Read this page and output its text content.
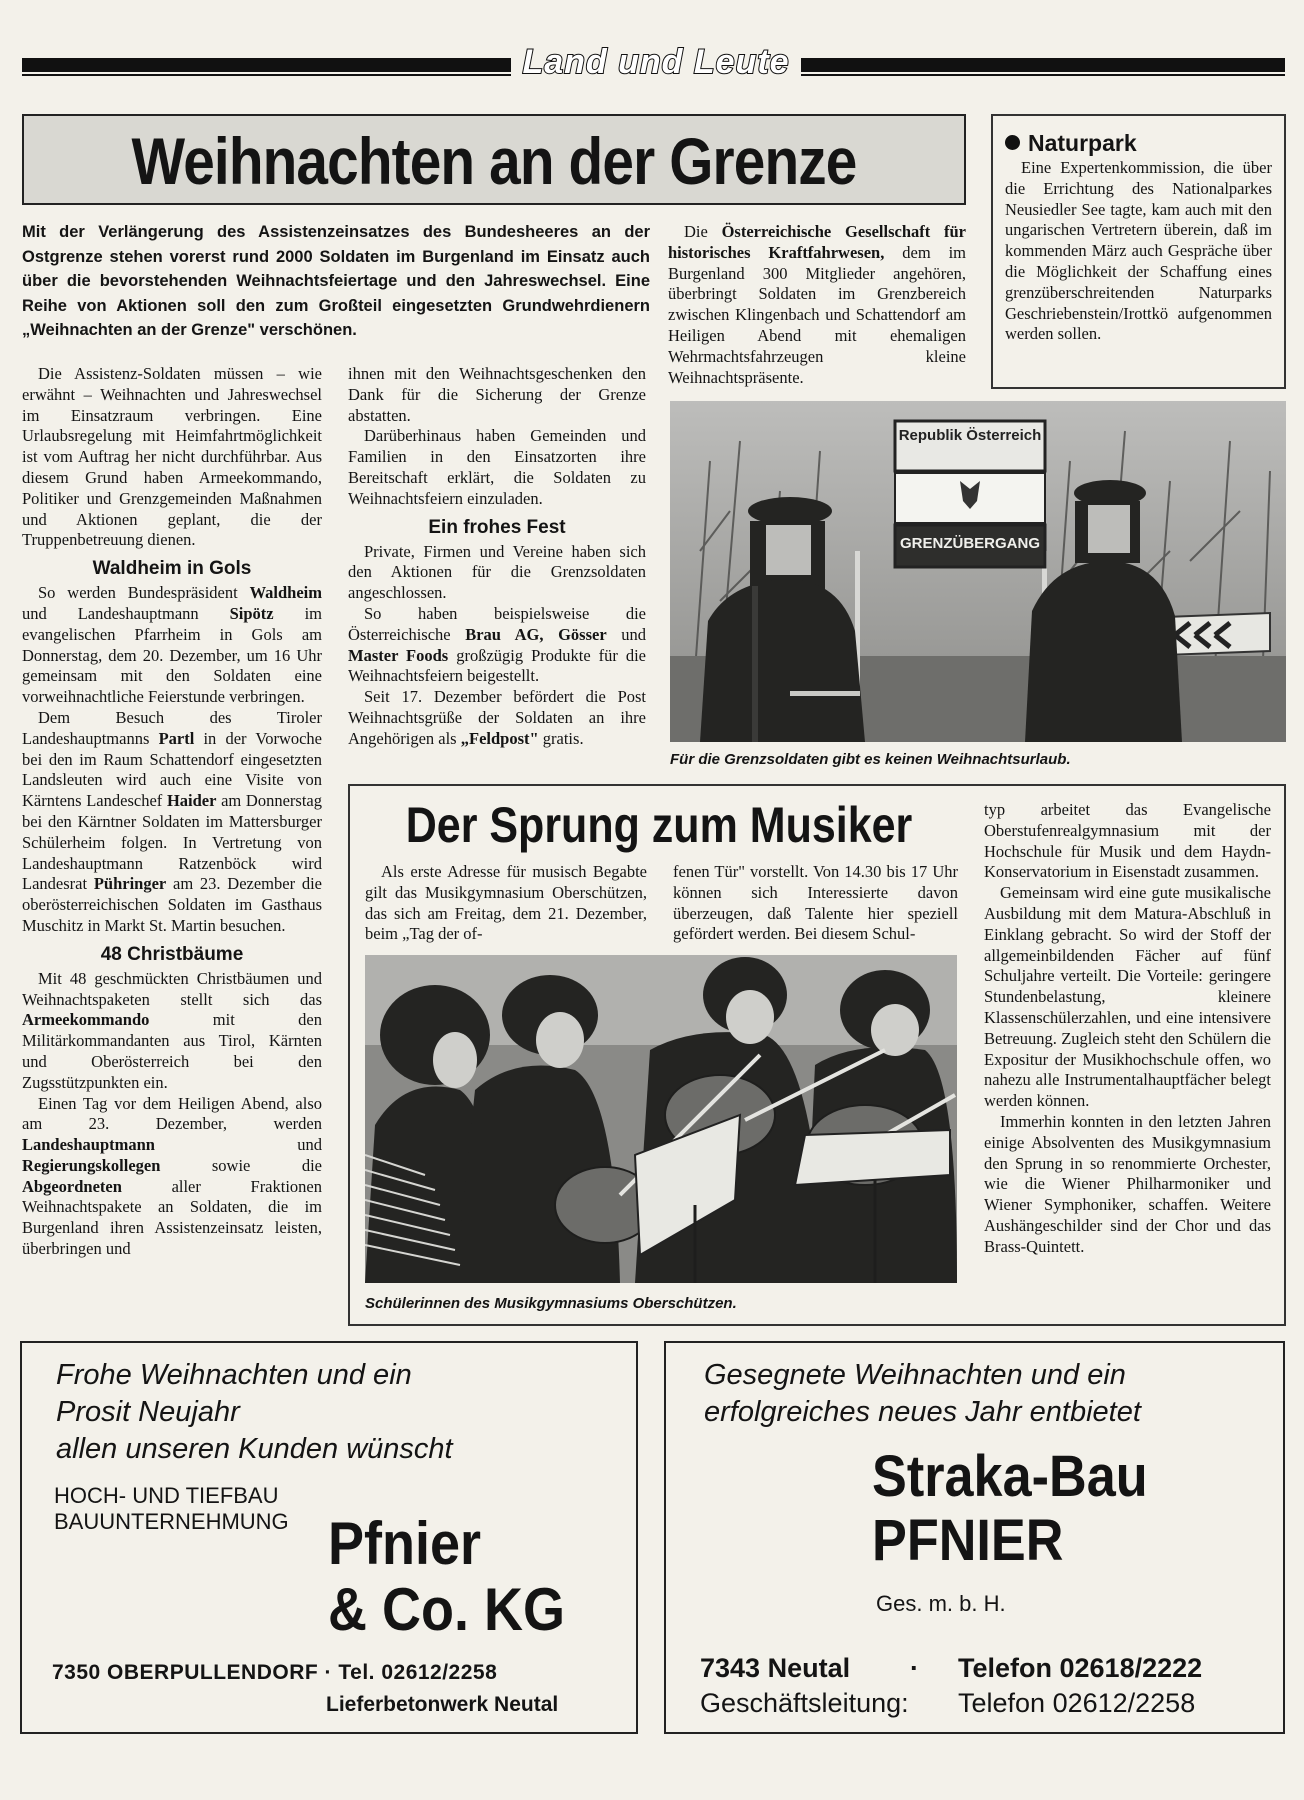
Land und Leute
Weihnachten an der Grenze
Mit der Verlängerung des Assistenzeinsatzes des Bundesheeres an der Ostgrenze stehen vorerst rund 2000 Soldaten im Burgenland im Einsatz auch über die bevorstehenden Weihnachtsfeiertage und den Jahreswechsel. Eine Reihe von Aktionen soll den zum Großteil eingesetzten Grundwehrdienern „Weihnachten an der Grenze" verschönen.

Die Assistenz-Soldaten müssen – wie erwähnt – Weihnachten und Jahreswechsel im Einsatzraum verbringen. Eine Urlaubsregelung mit Heimfahrtmöglichkeit ist vom Auftrag her nicht durchführbar. Aus diesem Grund haben Armeekommando, Politiker und Grenzgemeinden Maßnahmen und Aktionen geplant, die der Truppenbetreuung dienen.

Waldheim in Gols

So werden Bundespräsident Waldheim und Landeshauptmann Sipötz im evangelischen Pfarrheim in Gols am Donnerstag, dem 20. Dezember, um 16 Uhr gemeinsam mit den Soldaten eine vorweihnachtliche Feierstunde verbringen.

Dem Besuch des Tiroler Landeshauptmanns Partl in der Vorwoche bei den im Raum Schattendorf eingesetzten Landsleuten wird auch eine Visite von Kärntens Landeschef Haider am Donnerstag bei den Kärntner Soldaten im Mattersburger Schülerheim folgen. In Vertretung von Landeshauptmann Ratzenböck wird Landesrat Pühringer am 23. Dezember die oberösterreichischen Soldaten im Gasthaus Muschitz in Markt St. Martin besuchen.

48 Christbäume

Mit 48 geschmückten Christbäumen und Weihnachtspaketen stellt sich das Armeekommando mit den Militärkommandanten aus Tirol, Kärnten und Oberösterreich bei den Zugsstützpunkten ein.

Einen Tag vor dem Heiligen Abend, also am 23. Dezember, werden Landeshauptmann und Regierungskollegen sowie die Abgeordneten aller Fraktionen Weihnachtspakete an Soldaten, die im Burgenland ihren Assistenzeinsatz leisten, überbringen und

ihnen mit den Weihnachtsgeschenken den Dank für die Sicherung der Grenze abstatten.

Darüberhinaus haben Gemeinden und Familien in den Einsatzorten ihre Bereitschaft erklärt, die Soldaten zu Weihnachtsfeiern einzuladen.

Ein frohes Fest

Private, Firmen und Vereine haben sich den Aktionen für die Grenzsoldaten angeschlossen.

So haben beispielsweise die Österreichische Brau AG, Gösser und Master Foods großzügig Produkte für die Weihnachtsfeiern beigestellt.

Seit 17. Dezember befördert die Post Weihnachtsgrüße der Soldaten an ihre Angehörigen als „Feldpost" gratis.

Die Österreichische Gesellschaft für historisches Kraftfahrwesen, dem im Burgenland 300 Mitglieder angehören, überbringt Soldaten im Grenzbereich zwischen Klingenbach und Schattendorf am Heiligen Abend mit ehemaligen Wehrmachtsfahrzeugen kleine Weihnachtspräsente.

Naturpark
Eine Expertenkommission, die über die Errichtung des Nationalparkes Neusiedler See tagte, kam auch mit den ungarischen Vertretern überein, daß im kommenden März auch Gespräche über die Möglichkeit der Schaffung eines grenzüberschreitenden Naturparks Geschriebenstein/Irottkö aufgenommen werden sollen.
Republik Österreich
GRENZÜBERGANG
Für die Grenzsoldaten gibt es keinen Weihnachtsurlaub.
Der Sprung zum Musiker
Als erste Adresse für musisch Begabte gilt das Musikgymnasium Oberschützen, das sich am Freitag, dem 21. Dezember, beim „Tag der of-
fenen Tür" vorstellt. Von 14.30 bis 17 Uhr können sich Interessierte davon überzeugen, daß Talente hier speziell gefördert werden. Bei diesem Schul-

typ arbeitet das Evangelische Oberstufenrealgymnasium mit der Hochschule für Musik und dem Haydn-Konservatorium in Eisenstadt zusammen.

Gemeinsam wird eine gute musikalische Ausbildung mit dem Matura-Abschluß in Einklang gebracht. So wird der Stoff der allgemeinbildenden Fächer auf fünf Schuljahre verteilt. Die Vorteile: geringere Stundenbelastung, kleinere Klassenschülerzahlen, und eine intensivere Betreuung. Zugleich steht den Schülern die Expositur der Musikhochschule offen, wo nahezu alle Instrumentalhauptfächer belegt werden können.

Immerhin konnten in den letzten Jahren einige Absolventen des Musikgymnasium den Sprung in so renommierte Orchester, wie die Wiener Philharmoniker und Wiener Symphoniker, schaffen. Weitere Aushängeschilder sind der Chor und das Brass-Quintett.

Schülerinnen des Musikgymnasiums Oberschützen.
Frohe Weihnachten und ein
Prosit Neujahr
allen unseren Kunden wünscht
HOCH- UND TIEFBAU
BAUUNTERNEHMUNG Pfnier
& Co. KG
7350 OBERPULLENDORF · Tel. 02612/2258
Lieferbetonwerk Neutal
Gesegnete Weihnachten und ein
erfolgreiches neues Jahr entbietet
Straka-Bau
PFNIER
Ges. m. b. H.
7343 Neutal · Telefon 02618/2222
Geschäftsleitung: Telefon 02612/2258
